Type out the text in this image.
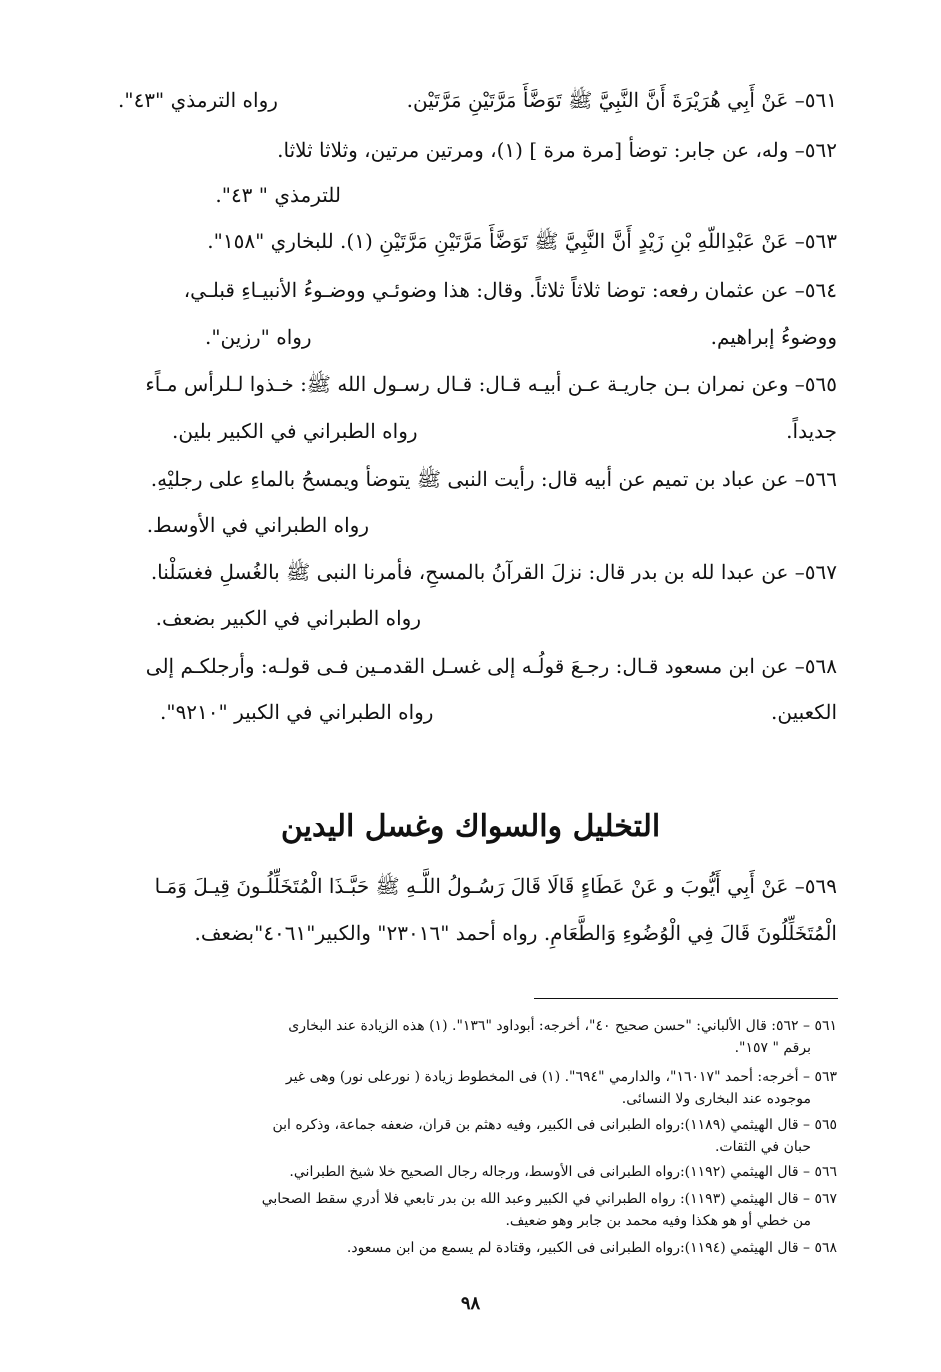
٥٦١– عَنْ أَبِي هُرَيْرَةَ أَنَّ النَّبِيَّ ﷺ تَوَضَّأَ مَرَّتَيْنِ مَرَّتَيْن.
رواه الترمذي "٤٣".
٥٦٢– وله، عن جابر: توضأ [مرة مرة ] (١)، ومرتين مرتين، وثلاثا ثلاثا.
للترمذي " ٤٣".
٥٦٣– عَنْ عَبْدِاللّهِ بْنِ زَيْدٍ أَنَّ النَّبِيَّ ﷺ تَوَضَّأَ مَرَّتَيْنِ مَرَّتَيْنِ (١). للبخاري "١٥٨".
٥٦٤– عن عثمان رفعه: توضا ثلاثاً ثلاثاً. وقال: هذا وضوئـي ووضـوءُ الأنبيـاءِ قبلـي،
ووضوءُ إبراهيم.
رواه "رزين".
٥٦٥– وعن نمران بـن جاريـة عـن أبيـه قـال: قـال رسـول الله ﷺ: خـذوا لـلرأس مـاًء
جديداً.
رواه الطبراني في الكبير بلين.
٥٦٦– عن عباد بن تميم عن أبيه قال: رأيت النبى ﷺ يتوضأ ويمسحُ بالماءِ على رجليْهِ.
رواه الطبراني في الأوسط.
٥٦٧– عن عبدا لله بن بدر قال: نزلَ القرآنُ بالمسحِ، فأمرنا النبى ﷺ بالغُسلِ فغسَلْنا.
رواه الطبراني في الكبير بضعف.
٥٦٨– عن ابن مسعود قـال: رجـعَ قولُـه إلى غسـل القدمـين فـى قولـه: وأرجلكـم إلى
الكعبين.
رواه الطبراني في الكبير "٩٢١٠".
التخليل والسواك وغسل اليدين
٥٦٩– عَنْ أَبِي أَيُّوبَ و عَنْ عَطَاءٍ قَالَا قَالَ رَسُـولُ اللَّـهِ ﷺ حَبَّـذَا الْمُتَخَلِّلُـونَ قِيـلَ وَمَـا
الْمُتَخَلِّلُونَ قَالَ فِي الْوُضُوءِ وَالطَّعَامِ. رواه أحمد "٢٣٠١٦" والكبير"٤٠٦١"بضعف.
٥٦١ – ٥٦٢: قال الألباني: "حسن صحيح ٤٠"، أخرجه: أبوداود "١٣٦". (١) هذه الزيادة عند البخارى
برقم " ١٥٧".
٥٦٣ – أخرجه: أحمد "١٦٠١٧"، والدارمي "٦٩٤". (١) فى المخطوط زيادة ( نورعلى نور) وهى غير
موجوده عند البخارى ولا النسائى.
٥٦٥ – قال الهيثمي (١١٨٩):رواه الطبرانى فى الكبير، وفيه دهثم بن قران، ضعفه جماعة، وذكره ابن
حبان في الثقات.
٥٦٦ – قال الهيثمي (١١٩٢):رواه الطبرانى فى الأوسط، ورجاله رجال الصحيح خلا شيخ الطبراني.
٥٦٧ – قال الهيثمي (١١٩٣): رواه الطبراني في الكبير وعبد الله بن بدر تابعي فلا أدري سقط الصحابي
من خطي أو هو هكذا وفيه محمد بن جابر وهو ضعيف.
٥٦٨ – قال الهيثمي (١١٩٤):رواه الطبرانى فى الكبير، وقتادة لم يسمع من ابن مسعود.
٩٨
